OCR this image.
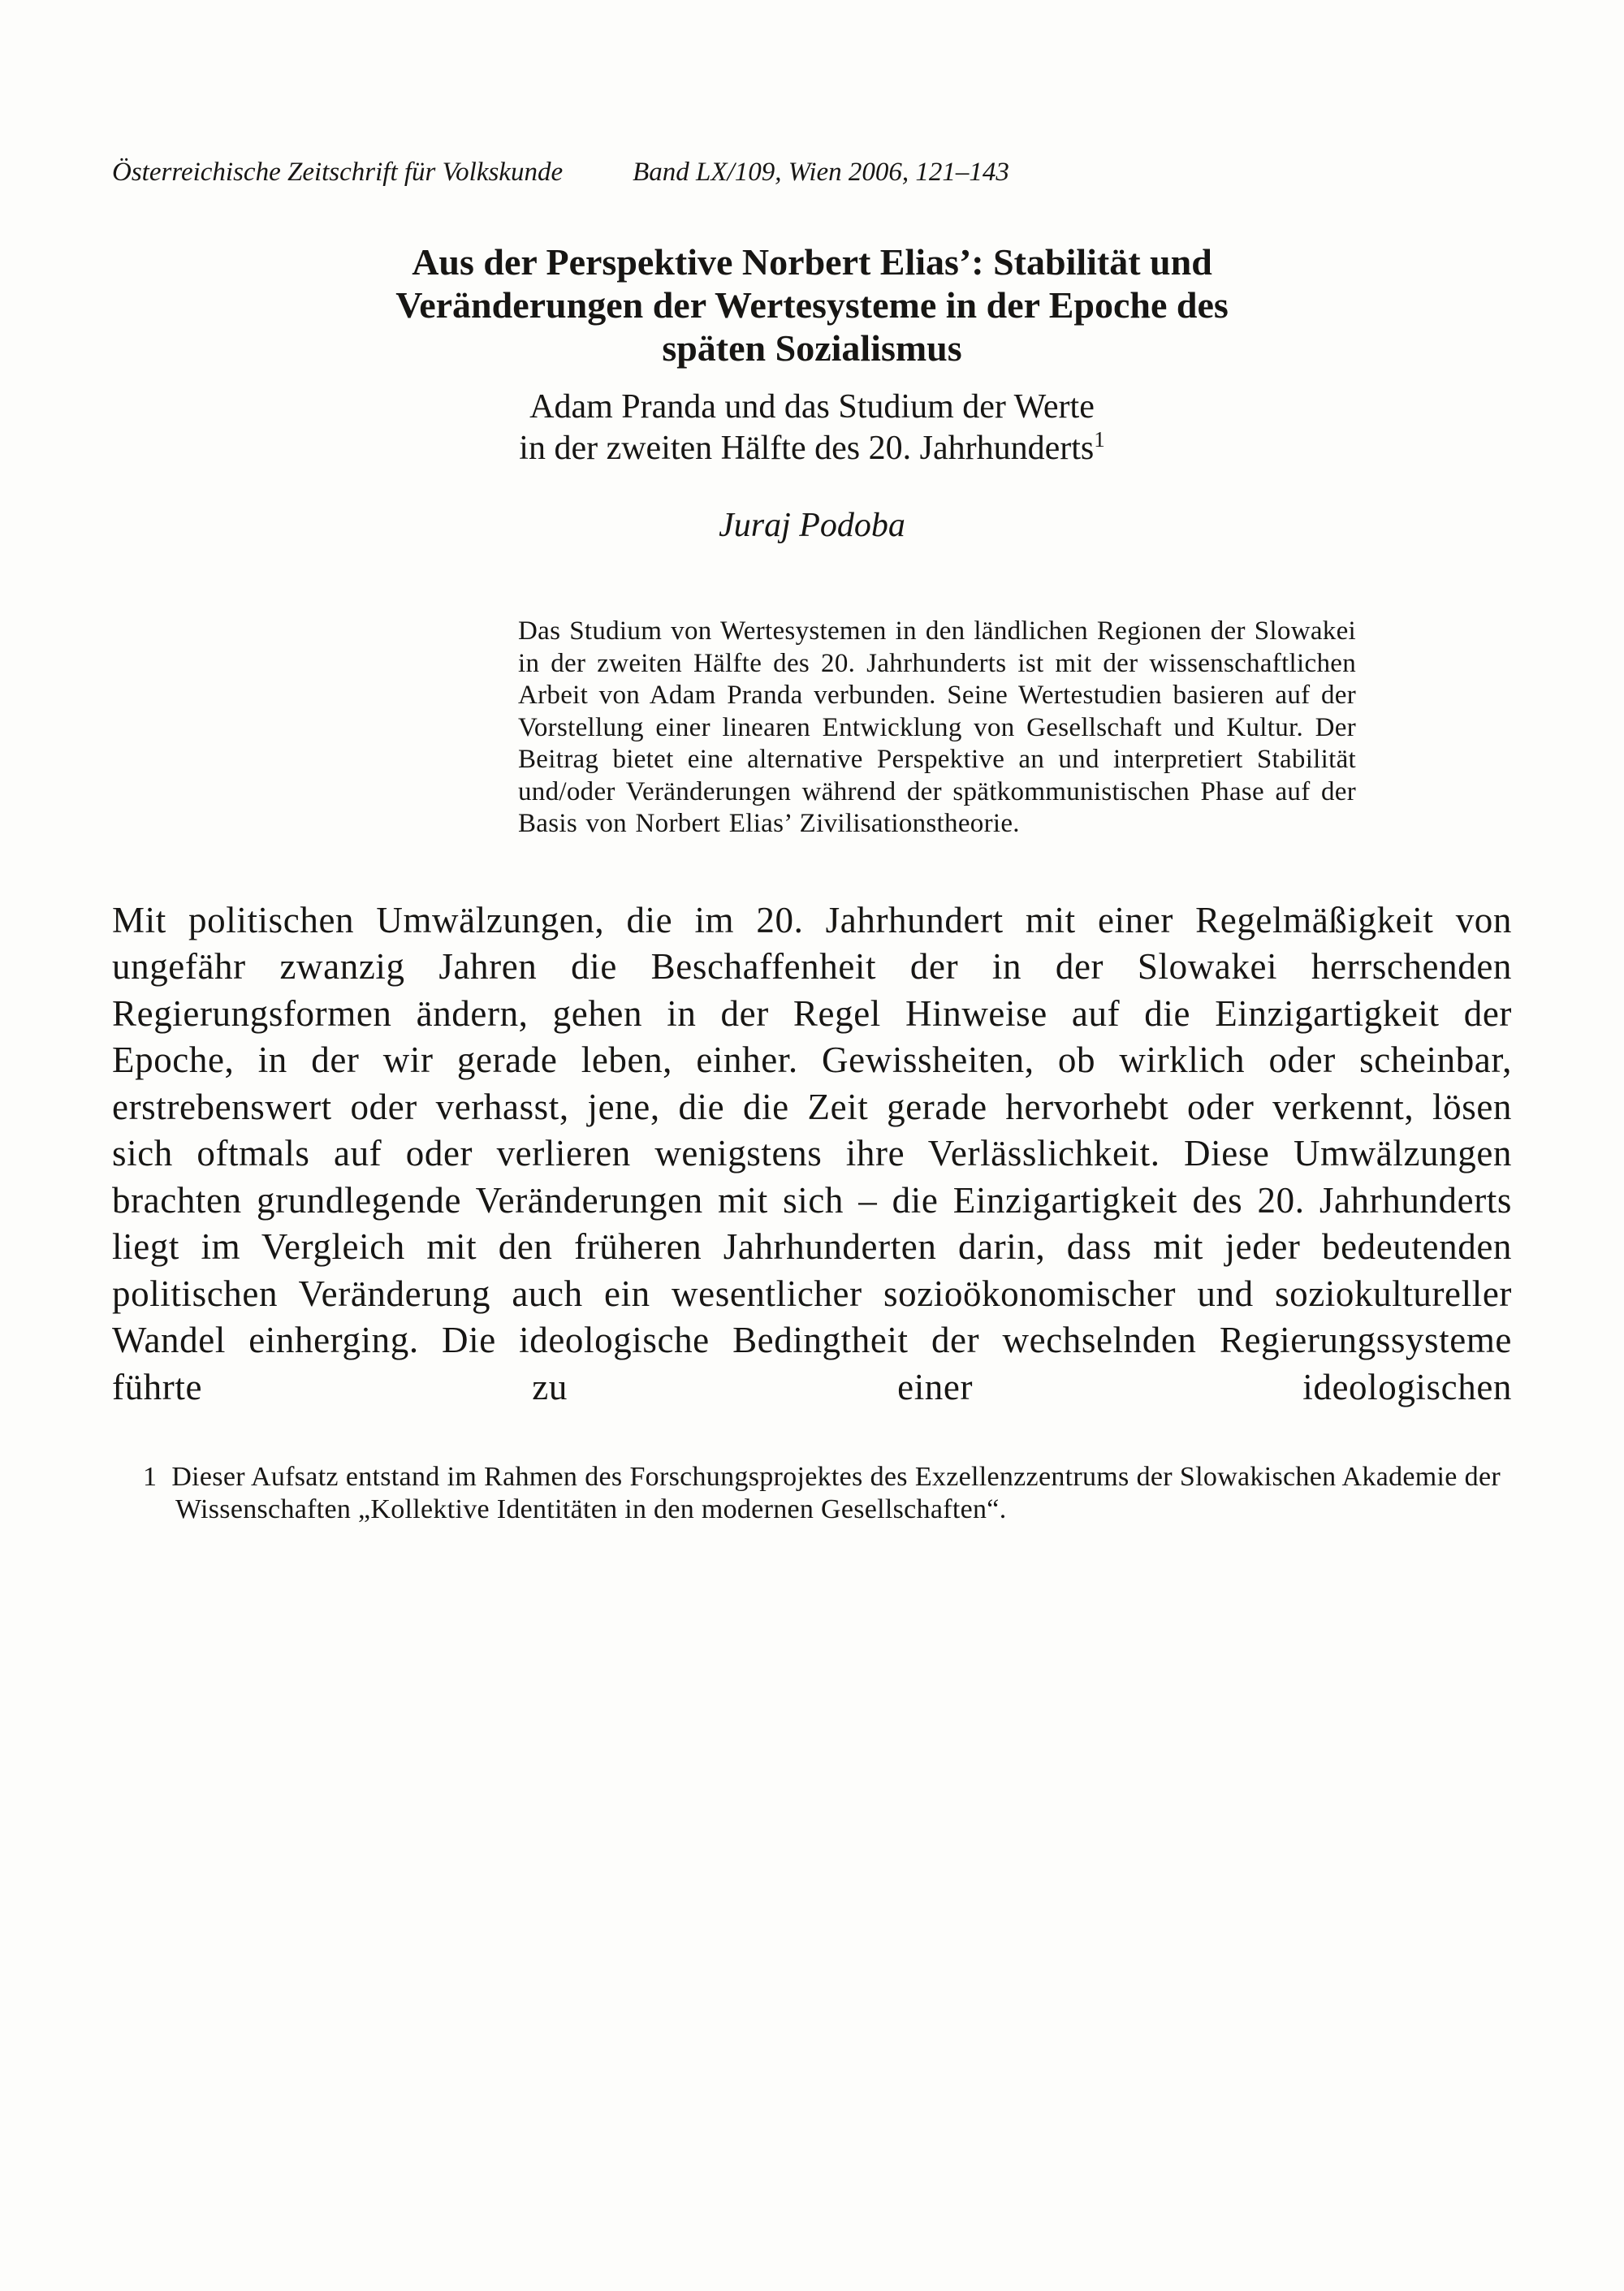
Österreichische Zeitschrift für Volkskunde	Band LX/109, Wien 2006, 121–143
Aus der Perspektive Norbert Elias’: Stabilität und
Veränderungen der Wertesysteme in der Epoche des
späten Sozialismus
Adam Pranda und das Studium der Werte
in der zweiten Hälfte des 20. Jahrhunderts$^1$
Juraj Podoba

Das Studium von Wertesystemen in den ländlichen Regionen der Slowakei in der zweiten Hälfte des 20. Jahrhunderts ist mit der wissenschaftlichen Arbeit von Adam Pranda verbunden. Seine Wertestudien basieren auf der Vorstellung einer linearen Entwicklung von Gesellschaft und Kultur. Der Beitrag bietet eine alternative Perspektive an und interpretiert Stabilität und/oder Veränderungen während der spätkommunistischen Phase auf der Basis von Norbert Elias’ Zivilisationstheorie.

Mit politischen Umwälzungen, die im 20. Jahrhundert mit einer Regelmäßigkeit von ungefähr zwanzig Jahren die Beschaffenheit der in der Slowakei herrschenden Regierungsformen ändern, gehen in der Regel Hinweise auf die Einzigartigkeit der Epoche, in der wir gerade leben, einher. Gewissheiten, ob wirklich oder scheinbar, erstrebenswert oder verhasst, jene, die die Zeit gerade hervorhebt oder verkennt, lösen sich oftmals auf oder verlieren wenigstens ihre Verlässlichkeit. Diese Umwälzungen brachten grundlegende Veränderungen mit sich – die Einzigartigkeit des 20. Jahrhunderts liegt im Vergleich mit den früheren Jahrhunderten darin, dass mit jeder bedeutenden politischen Veränderung auch ein wesentlicher sozioökonomischer und soziokultureller Wandel einherging. Die ideologische Bedingtheit der wechselnden Regierungssysteme führte zu einer ideologischen

1 Dieser Aufsatz entstand im Rahmen des Forschungsprojektes des Exzellenzzentrums der Slowakischen Akademie der Wissenschaften „Kollektive Identitäten in den modernen Gesellschaften“.
